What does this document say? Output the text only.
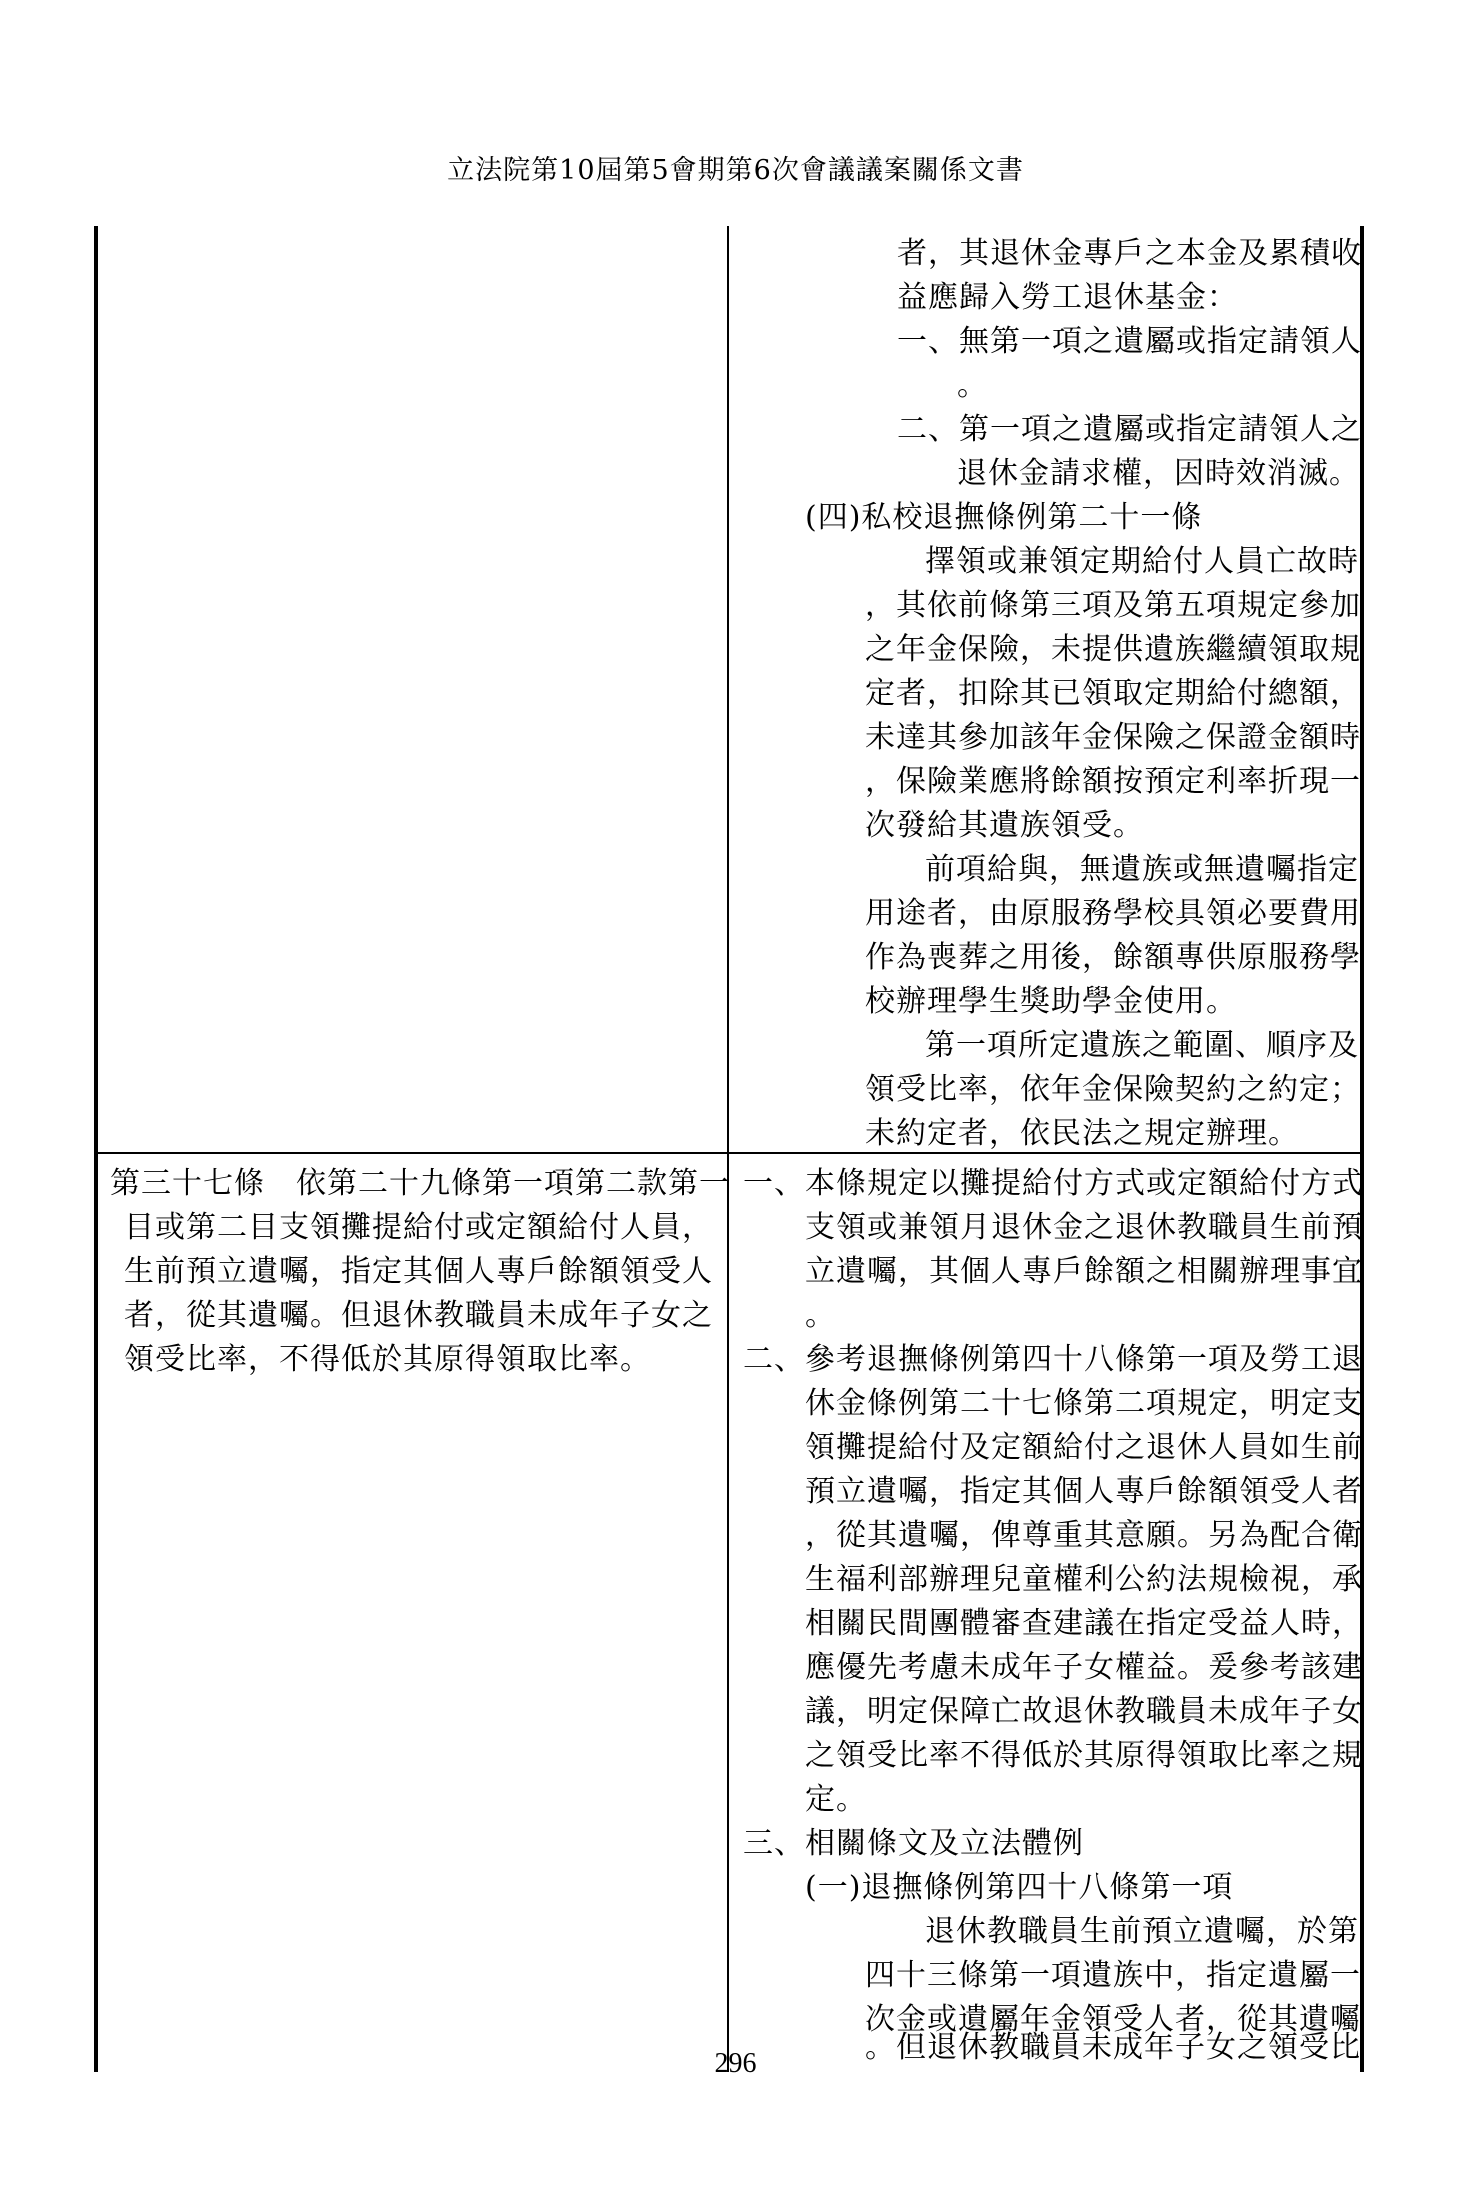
立法院第10屆第5會期第6次會議議案關係文書
者，其退休金專戶之本金及累積收
益應歸入勞工退休基金：
一、無第一項之遺屬或指定請領人
。
二、第一項之遺屬或指定請領人之
退休金請求權，因時效消滅。
(四)私校退撫條例第二十一條
擇領或兼領定期給付人員亡故時
，其依前條第三項及第五項規定參加
之年金保險，未提供遺族繼續領取規
定者，扣除其已領取定期給付總額，
未達其參加該年金保險之保證金額時
，保險業應將餘額按預定利率折現一
次發給其遺族領受。
前項給與，無遺族或無遺囑指定
用途者，由原服務學校具領必要費用
作為喪葬之用後，餘額專供原服務學
校辦理學生獎助學金使用。
第一項所定遺族之範圍、順序及
領受比率，依年金保險契約之約定；
未約定者，依民法之規定辦理。
第三十七條　依第二十九條第一項第二款第一
目或第二目支領攤提給付或定額給付人員，
生前預立遺囑，指定其個人專戶餘額領受人
者，從其遺囑。但退休教職員未成年子女之
領受比率，不得低於其原得領取比率。
一、本條規定以攤提給付方式或定額給付方式
支領或兼領月退休金之退休教職員生前預
立遺囑，其個人專戶餘額之相關辦理事宜
。
二、參考退撫條例第四十八條第一項及勞工退
休金條例第二十七條第二項規定，明定支
領攤提給付及定額給付之退休人員如生前
預立遺囑，指定其個人專戶餘額領受人者
，從其遺囑，俾尊重其意願。另為配合衛
生福利部辦理兒童權利公約法規檢視，承
相關民間團體審查建議在指定受益人時，
應優先考慮未成年子女權益。爰參考該建
議，明定保障亡故退休教職員未成年子女
之領受比率不得低於其原得領取比率之規
定。
三、相關條文及立法體例
(一)退撫條例第四十八條第一項
退休教職員生前預立遺囑，於第
四十三條第一項遺族中，指定遺屬一
次金或遺屬年金領受人者，從其遺囑
。但退休教職員未成年子女之領受比
296
